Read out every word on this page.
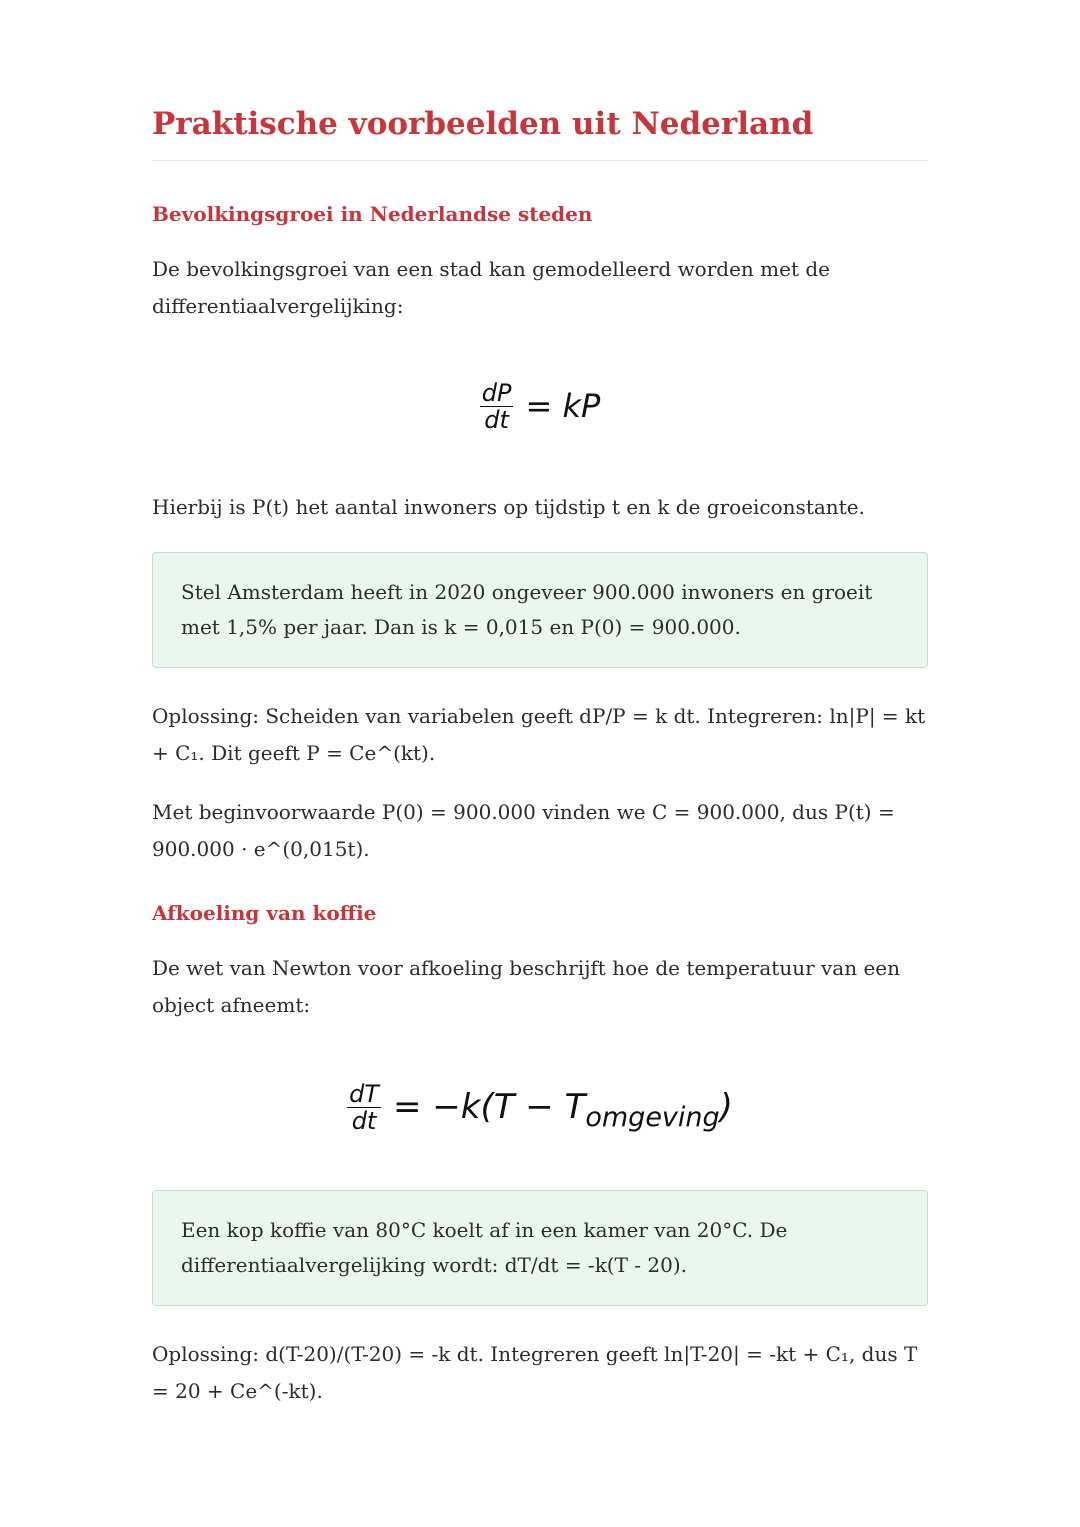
Praktische voorbeelden uit Nederland
Bevolkingsgroei in Nederlandse steden

De bevolkingsgroei van een stad kan gemodelleerd worden met de differentiaalvergelijking:

$\frac{dP}{dt}$ = kP

Hierbij is P(t) het aantal inwoners op tijdstip t en k de groeiconstante.

Stel Amsterdam heeft in 2020 ongeveer 900.000 inwoners en groeit met 1,5% per jaar. Dan is k = 0,015 en P(0) = 900.000.

Oplossing: Scheiden van variabelen geeft dP/P = k dt. Integreren: ln|P| = kt + C₁. Dit geeft P = Ce^(kt).

Met beginvoorwaarde P(0) = 900.000 vinden we C = 900.000, dus P(t) = 900.000 · e^(0,015t).

Afkoeling van koffie

De wet van Newton voor afkoeling beschrijft hoe de temperatuur van een object afneemt:

$\frac{dT}{dt} = -k(T - T_{omgeving})$

Een kop koffie van 80°C koelt af in een kamer van 20°C. De differentiaalvergelijking wordt: dT/dt = -k(T - 20).

Oplossing: d(T-20)/(T-20) = -k dt. Integreren geeft ln|T-20| = -kt + C₁, dus T = 20 + Ce^(-kt).
